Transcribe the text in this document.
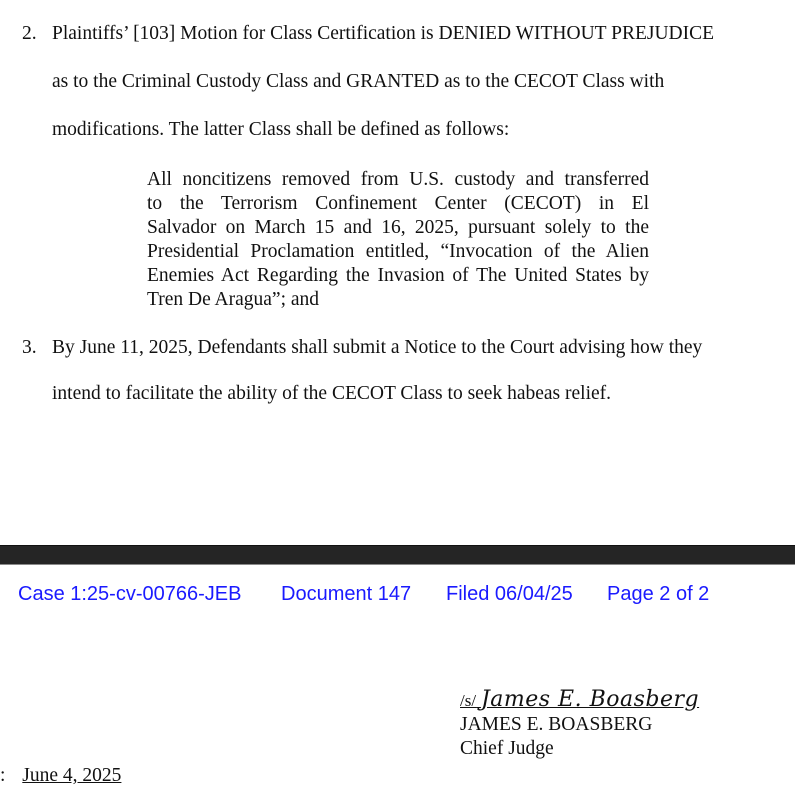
2. Plaintiffs’ [103] Motion for Class Certification is DENIED WITHOUT PREJUDICE
as to the Criminal Custody Class and GRANTED as to the CECOT Class with
modifications. The latter Class shall be defined as follows:
All noncitizens removed from U.S. custody and transferred
to the Terrorism Confinement Center (CECOT) in El
Salvador on March 15 and 16, 2025, pursuant solely to the
Presidential Proclamation entitled, “Invocation of the Alien
Enemies Act Regarding the Invasion of The United States by
Tren De Aragua”; and
3. By June 11, 2025, Defendants shall submit a Notice to the Court advising how they
intend to facilitate the ability of the CECOT Class to seek habeas relief.
Case 1:25-cv-00766-JEB Document 147 Filed 06/04/25 Page 2 of 2
/s/ James E. Boasberg
JAMES E. BOASBERG
Chief Judge
: June 4, 2025
